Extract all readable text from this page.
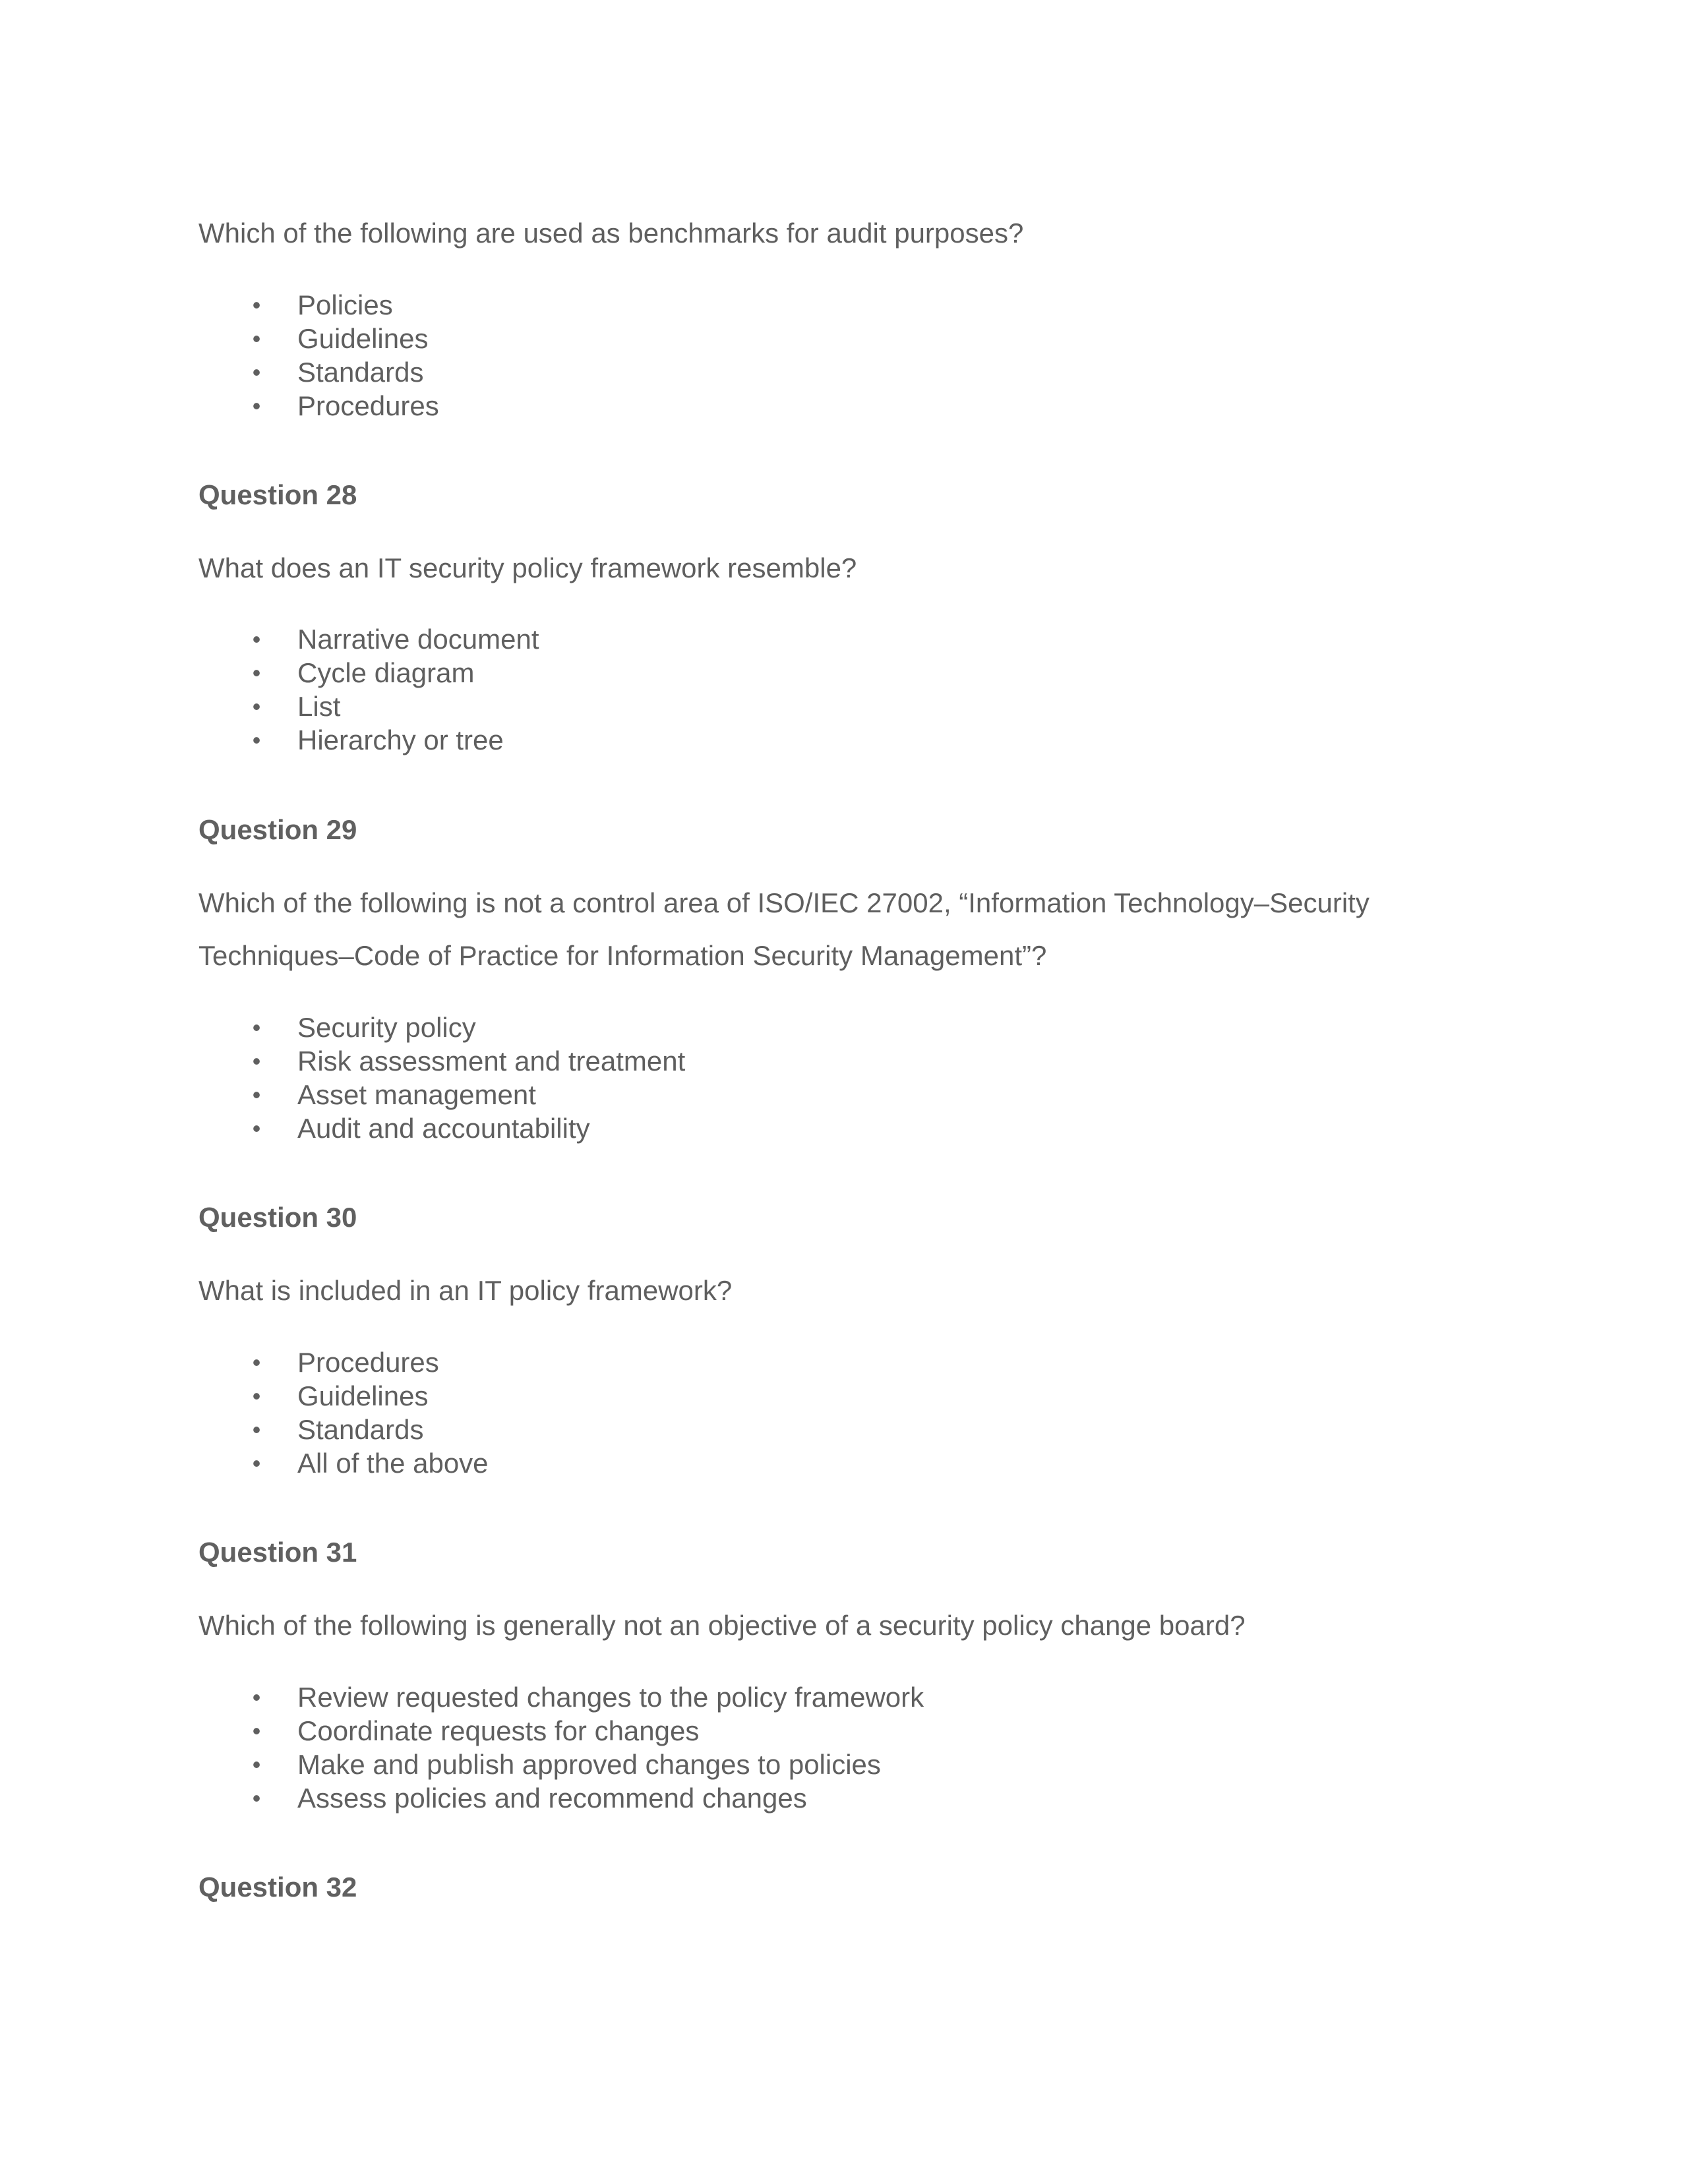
Which of the following are used as benchmarks for audit purposes?

• Policies
• Guidelines
• Standards
• Procedures

Question 28

What does an IT security policy framework resemble?

• Narrative document
• Cycle diagram
• List
• Hierarchy or tree

Question 29

Which of the following is not a control area of ISO/IEC 27002, “Information Technology–Security

Techniques–Code of Practice for Information Security Management”?

• Security policy
• Risk assessment and treatment
• Asset management
• Audit and accountability

Question 30

What is included in an IT policy framework?

• Procedures
• Guidelines
• Standards
• All of the above

Question 31

Which of the following is generally not an objective of a security policy change board?

• Review requested changes to the policy framework
• Coordinate requests for changes
• Make and publish approved changes to policies
• Assess policies and recommend changes

Question 32
